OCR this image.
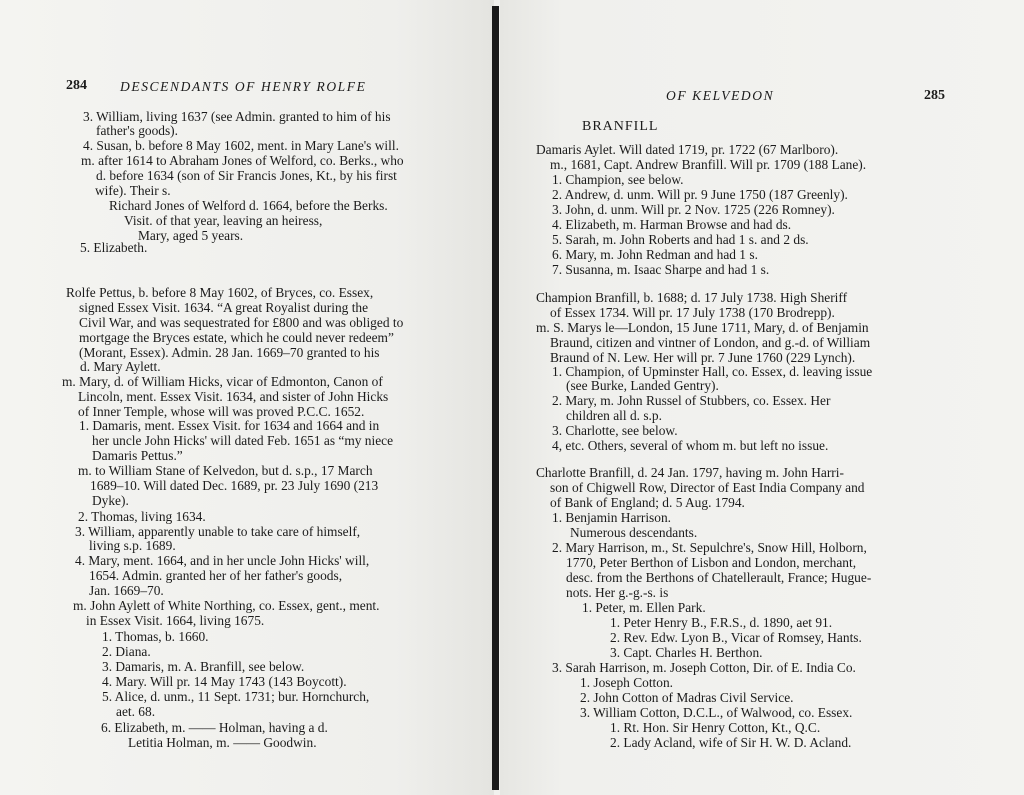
284 DESCENDANTS OF HENRY ROLFE
3. William, living 1637 (see Admin. granted to him of his
father's goods).
4. Susan, b. before 8 May 1602, ment. in Mary Lane's will.
m. after 1614 to Abraham Jones of Welford, co. Berks., who
d. before 1634 (son of Sir Francis Jones, Kt., by his first
wife). Their s.
Richard Jones of Welford d. 1664, before the Berks.
Visit. of that year, leaving an heiress,
Mary, aged 5 years.
5. Elizabeth.
Rolfe Pettus, b. before 8 May 1602, of Bryces, co. Essex,
signed Essex Visit. 1634. “A great Royalist during the
Civil War, and was sequestrated for £800 and was obliged to
mortgage the Bryces estate, which he could never redeem”
(Morant, Essex). Admin. 28 Jan. 1669–70 granted to his
d. Mary Aylett.
m. Mary, d. of William Hicks, vicar of Edmonton, Canon of
Lincoln, ment. Essex Visit. 1634, and sister of John Hicks
of Inner Temple, whose will was proved P.C.C. 1652.
1. Damaris, ment. Essex Visit. for 1634 and 1664 and in
her uncle John Hicks' will dated Feb. 1651 as “my niece
Damaris Pettus.”
m. to William Stane of Kelvedon, but d. s.p., 17 March
1689–10. Will dated Dec. 1689, pr. 23 July 1690 (213
Dyke).
2. Thomas, living 1634.
3. William, apparently unable to take care of himself,
living s.p. 1689.
4. Mary, ment. 1664, and in her uncle John Hicks' will,
1654. Admin. granted her of her father's goods,
Jan. 1669–70.
m. John Aylett of White Northing, co. Essex, gent., ment.
in Essex Visit. 1664, living 1675.
1. Thomas, b. 1660.
2. Diana.
3. Damaris, m. A. Branfill, see below.
4. Mary. Will pr. 14 May 1743 (143 Boycott).
5. Alice, d. unm., 11 Sept. 1731; bur. Hornchurch,
aet. 68.
6. Elizabeth, m. —— Holman, having a d.
Letitia Holman, m. —— Goodwin.
OF KELVEDON	285
BRANFILL
Damaris Aylet. Will dated 1719, pr. 1722 (67 Marlboro).
m., 1681, Capt. Andrew Branfill. Will pr. 1709 (188 Lane).
1. Champion, see below.
2. Andrew, d. unm. Will pr. 9 June 1750 (187 Greenly).
3. John, d. unm. Will pr. 2 Nov. 1725 (226 Romney).
4. Elizabeth, m. Harman Browse and had ds.
5. Sarah, m. John Roberts and had 1 s. and 2 ds.
6. Mary, m. John Redman and had 1 s.
7. Susanna, m. Isaac Sharpe and had 1 s.
Champion Branfill, b. 1688; d. 17 July 1738. High Sheriff
of Essex 1734. Will pr. 17 July 1738 (170 Brodrepp).
m. S. Marys le—London, 15 June 1711, Mary, d. of Benjamin
Braund, citizen and vintner of London, and g.-d. of William
Braund of N. Lew. Her will pr. 7 June 1760 (229 Lynch).
1. Champion, of Upminster Hall, co. Essex, d. leaving issue
(see Burke, Landed Gentry).
2. Mary, m. John Russel of Stubbers, co. Essex. Her
children all d. s.p.
3. Charlotte, see below.
4, etc. Others, several of whom m. but left no issue.
Charlotte Branfill, d. 24 Jan. 1797, having m. John Harri-
son of Chigwell Row, Director of East India Company and
of Bank of England; d. 5 Aug. 1794.
1. Benjamin Harrison.
Numerous descendants.
2. Mary Harrison, m., St. Sepulchre's, Snow Hill, Holborn,
1770, Peter Berthon of Lisbon and London, merchant,
desc. from the Berthons of Chatellerault, France; Hugue-
nots. Her g.-g.-s. is
1. Peter, m. Ellen Park.
1. Peter Henry B., F.R.S., d. 1890, aet 91.
2. Rev. Edw. Lyon B., Vicar of Romsey, Hants.
3. Capt. Charles H. Berthon.
3. Sarah Harrison, m. Joseph Cotton, Dir. of E. India Co.
1. Joseph Cotton.
2. John Cotton of Madras Civil Service.
3. William Cotton, D.C.L., of Walwood, co. Essex.
1. Rt. Hon. Sir Henry Cotton, Kt., Q.C.
2. Lady Acland, wife of Sir H. W. D. Acland.
